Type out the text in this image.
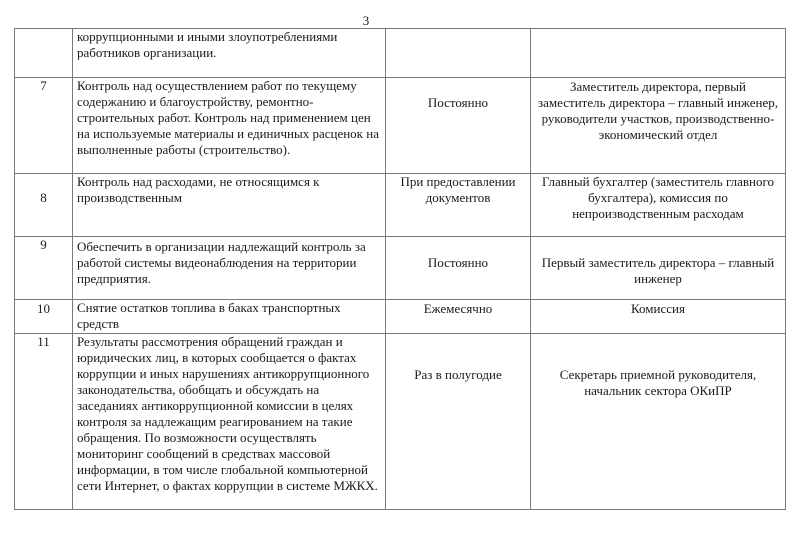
3
	коррупционными и иными злоупотреблениями работников организации.		
7	Контроль над осуществлением работ по текущему содержанию и благоустройству, ремонтно-строительных работ. Контроль над применением цен на используемые материалы и единичных расценок на выполненные работы (строительство).	Постоянно	Заместитель директора, первый заместитель директора – главный инженер, руководители участков, производственно-экономический отдел
8	Контроль над расходами, не относящимся к производственным	При предоставлении документов	Главный бухгалтер (заместитель главного бухгалтера), комиссия по непроизводственным расходам
9	Обеспечить в организации надлежащий контроль за работой системы видеонаблюдения на территории предприятия.	Постоянно	Первый заместитель директора – главный инженер
10	Снятие остатков топлива в баках транспортных средств	Ежемесячно	Комиссия
11	Результаты рассмотрения обращений граждан и юридических лиц, в которых сообщается о фактах коррупции и иных нарушениях антикоррупционного законодательства, обобщать и обсуждать на заседаниях антикоррупционной комиссии в целях контроля за надлежащим реагированием на такие обращения. По возможности осуществлять мониторинг сообщений в средствах массовой информации, в том числе глобальной компьютерной сети Интернет, о фактах коррупции в системе МЖКХ.	Раз в полугодие	Секретарь приемной руководителя, начальник сектора ОКиПР
